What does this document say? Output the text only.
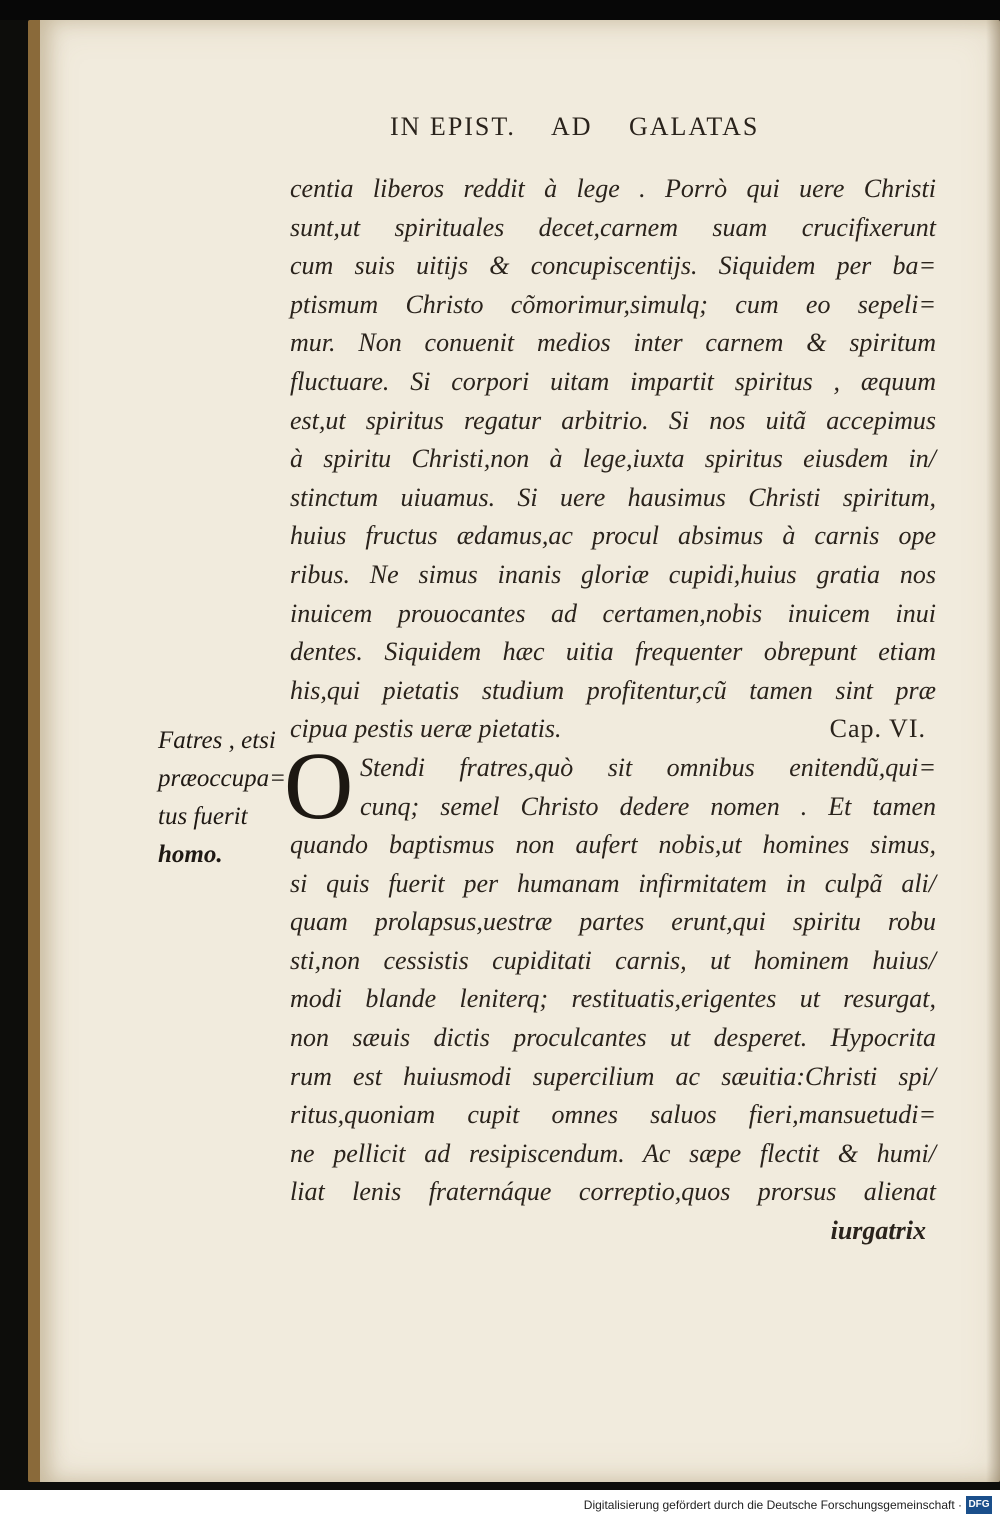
IN EPIST. AD GALATAS
centia liberos reddit à lege . Porrò qui uere Christi
sunt,ut spirituales decet,carnem suam crucifixerunt
cum suis uitijs & concupiscentijs. Siquidem per ba=
ptismum Christo cõmorimur,simulq; cum eo sepeli=
mur. Non conuenit medios inter carnem & spiritum
fluctuare. Si corpori uitam impartit spiritus , æquum
est,ut spiritus regatur arbitrio. Si nos uitã accepimus
à spiritu Christi,non à lege,iuxta spiritus eiusdem in/
stinctum uiuamus. Si uere hausimus Christi spiritum,
huius fructus ædamus,ac procul absimus à carnis ope
ribus. Ne simus inanis gloriæ cupidi,huius gratia nos
inuicem prouocantes ad certamen,nobis inuicem inui
dentes. Siquidem hæc uitia frequenter obrepunt etiam
his,qui pietatis studium profitentur,cũ tamen sint præ
cipua pestis ueræ pietatis.	Cap. VI.
O Stendi fratres,quò sit omnibus enitendũ,qui=
cunq; semel Christo dedere nomen . Et tamen
quando baptismus non aufert nobis,ut homines simus,
si quis fuerit per humanam infirmitatem in culpã ali/
quam prolapsus,uestræ partes erunt,qui spiritu robu
sti,non cessistis cupiditati carnis, ut hominem huius/
modi blande leniterq; restituatis,erigentes ut resurgat,
non sæuis dictis proculcantes ut desperet. Hypocrita
rum est huiusmodi supercilium ac sæuitia:Christi spi/
ritus,quoniam cupit omnes saluos fieri,mansuetudi=
ne pellicit ad resipiscendum. Ac sæpe flectit & humi/
liat lenis fraternáque correptio,quos prorsus alienat
iurgatrix
Fatres , etsi
præoccupa=
tus fuerit
homo.
Digitalisierung gefördert durch die Deutsche Forschungsgemeinschaft · DFG
